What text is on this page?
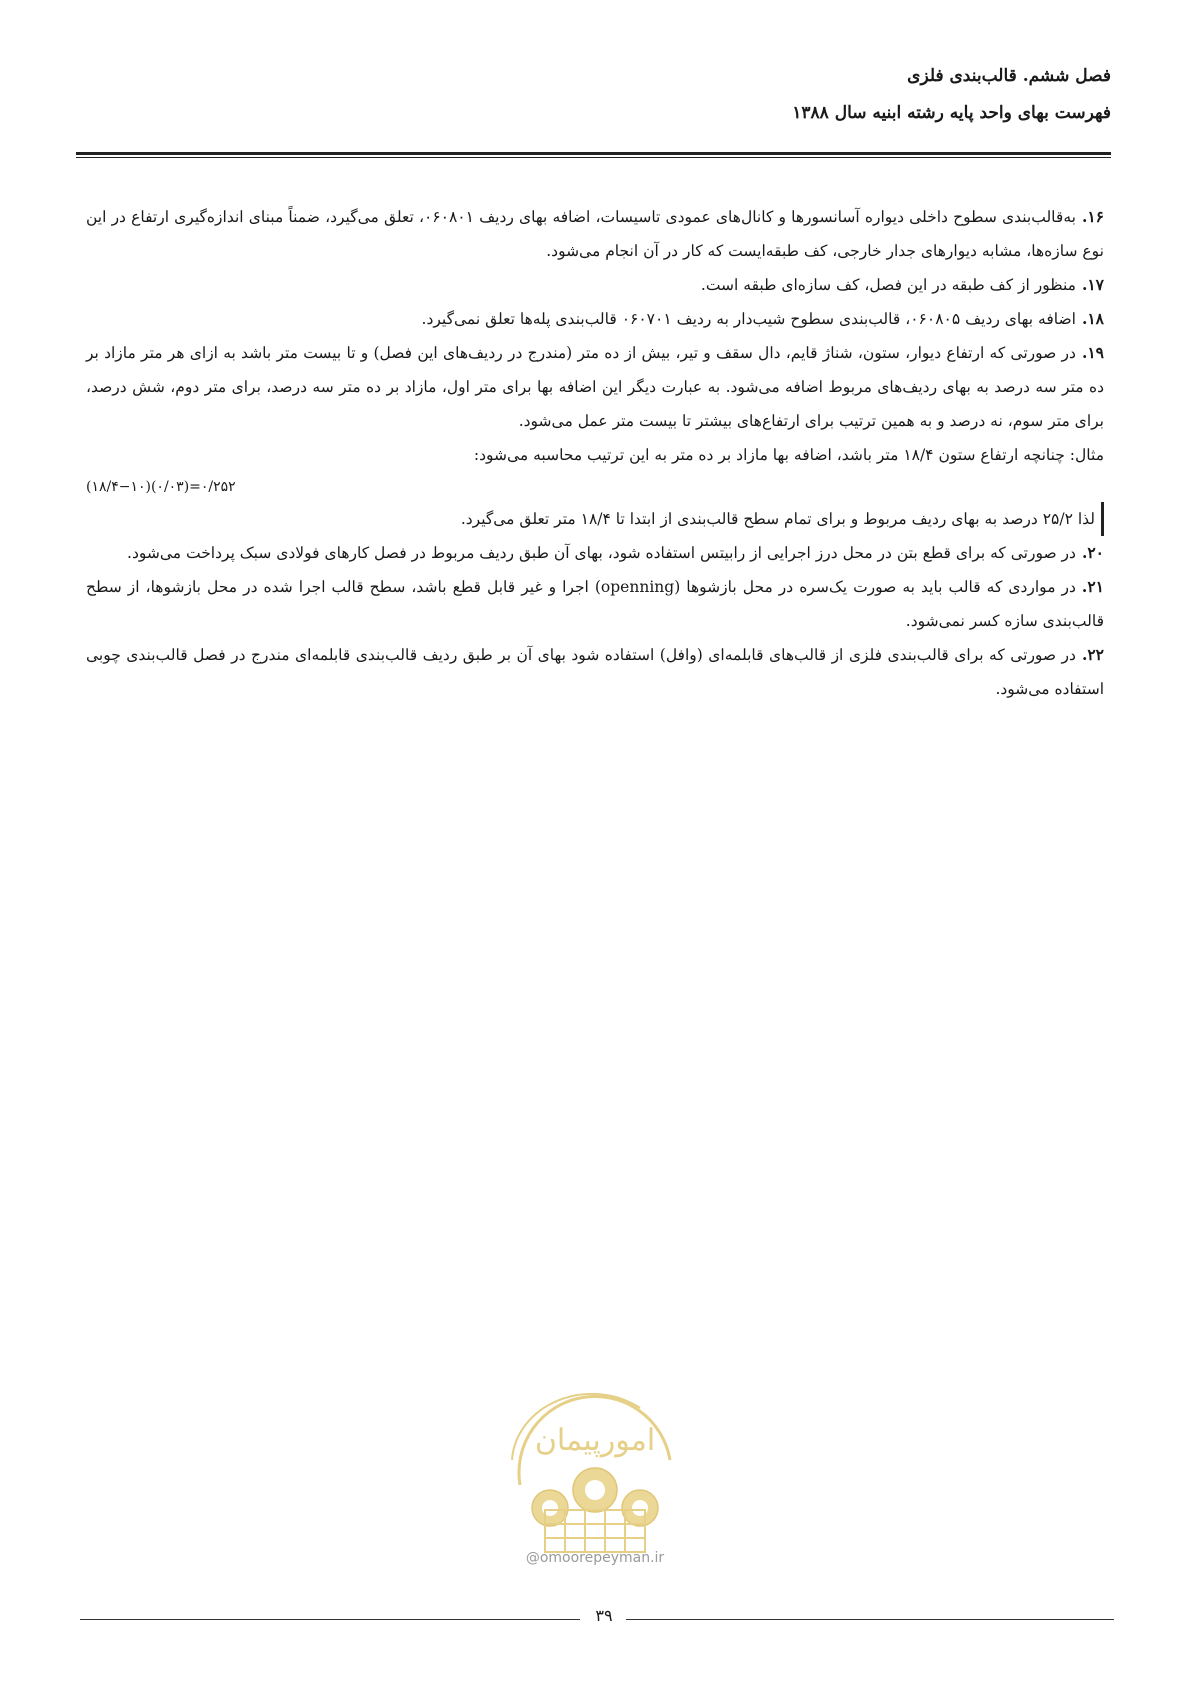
فصل ششم. قالب‌بندی فلزی
فهرست بهای واحد پایه رشته ابنیه سال ۱۳۸۸

۱۶.به‌قالب‌بندی سطوح داخلی دیواره آسانسورها و کانال‌های عمودی تاسیسات، اضافه بهای ردیف ۰۶۰۸۰۱، تعلق می‌گیرد، ضمناً مبنای اندازه‌گیری ارتفاع در این نوع سازه‌ها، مشابه دیوارهای جدار خارجی، کف طبقه‌ایست که کار در آن انجام می‌شود.

۱۷.منظور از کف طبقه در این فصل، کف سازه‌ای طبقه است.

۱۸.اضافه بهای ردیف ۰۶۰۸۰۵، قالب‌بندی سطوح شیب‌دار به ردیف ۰۶۰۷۰۱ قالب‌بندی پله‌ها تعلق نمی‌گیرد.

۱۹.در صورتی که ارتفاع دیوار، ستون، شناژ قایم، دال سقف و تیر، بیش از ده متر (مندرج در ردیف‌های این فصل) و تا بیست متر باشد به ازای هر متر مازاد بر ده متر سه درصد به بهای ردیف‌های مربوط اضافه می‌شود. به عبارت دیگر این اضافه بها برای متر اول، مازاد بر ده متر سه درصد، برای متر دوم، شش درصد، برای متر سوم، نه درصد و به همین ترتیب برای ارتفاع‌های بیشتر تا بیست متر عمل می‌شود.

مثال: چنانچه ارتفاع ستون ۱۸/۴ متر باشد، اضافه بها مازاد بر ده متر به این ترتیب محاسبه می‌شود:

(۱۸/۴−۱۰)(۰/۰۳)=۰/۲۵۲

لذا ۲۵/۲ درصد به بهای ردیف مربوط و برای تمام سطح قالب‌بندی از ابتدا تا ۱۸/۴ متر تعلق می‌گیرد.

۲۰.در صورتی که برای قطع بتن در محل درز اجرایی از رابیتس استفاده شود، بهای آن طبق ردیف مربوط در فصل کارهای فولادی سبک پرداخت می‌شود.

۲۱.در مواردی که قالب باید به صورت یک‌سره در محل بازشوها (openning) اجرا و غیر قابل قطع باشد، سطح قالب اجرا شده در محل بازشوها، از سطح قالب‌بندی سازه کسر نمی‌شود.

۲۲.در صورتی که برای قالب‌بندی فلزی از قالب‌های قابلمه‌ای (وافل) استفاده شود بهای آن بر طبق ردیف قالب‌بندی قابلمه‌ای مندرج در فصل قالب‌بندی چوبی استفاده می‌شود.

امورپیمان
@omoorepeyman.ir
۳۹
